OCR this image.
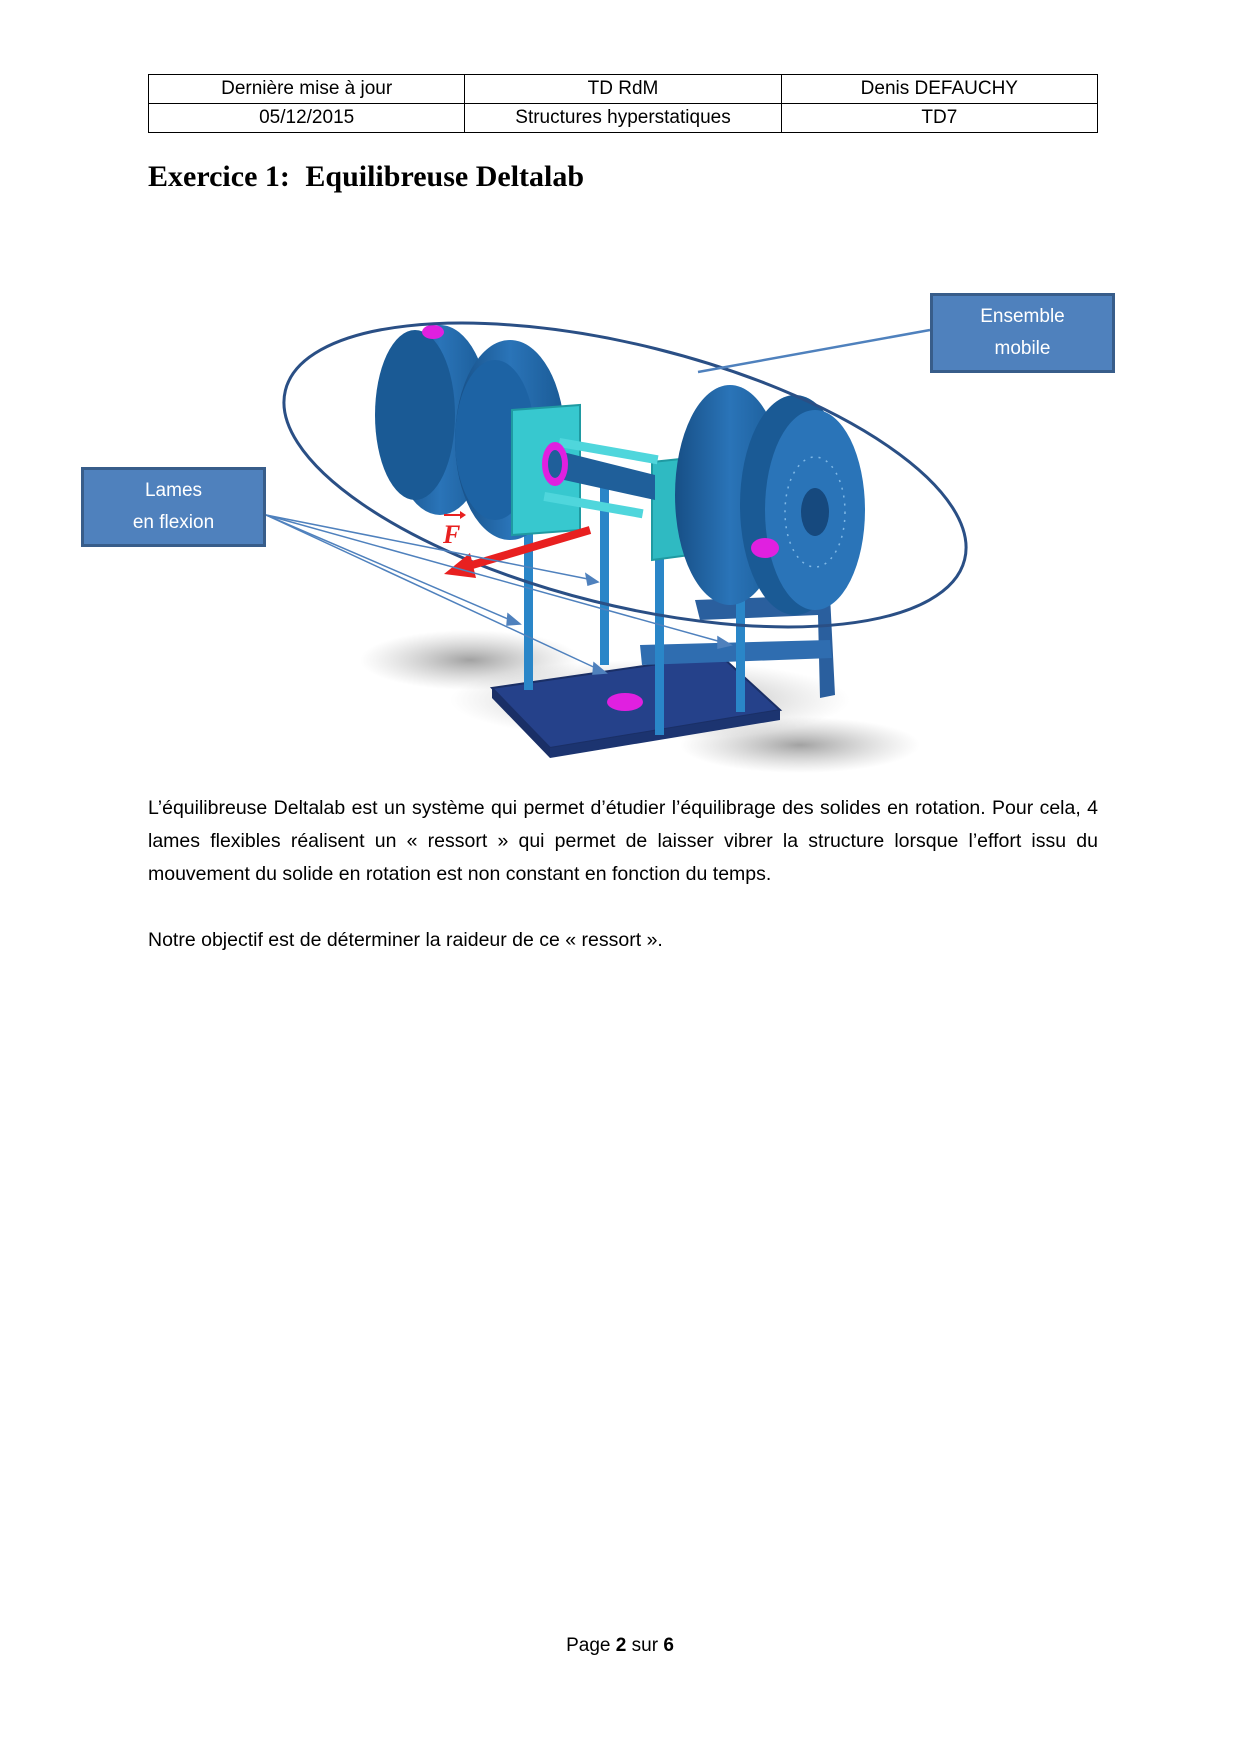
Dernière mise à jour	TD RdM	Denis DEFAUCHY
05/12/2015	Structures hyperstatiques	TD7
Exercice 1: Equilibreuse Deltalab
F
Ensemble
mobile
Lames
en flexion

L’équilibreuse Deltalab est un système qui permet d’étudier l’équilibrage des solides en rotation. Pour cela, 4 lames flexibles réalisent un « ressort » qui permet de laisser vibrer la structure lorsque l’effort issu du mouvement du solide en rotation est non constant en fonction du temps.

Notre objectif est de déterminer la raideur de ce « ressort ».

Page 2 sur 6
